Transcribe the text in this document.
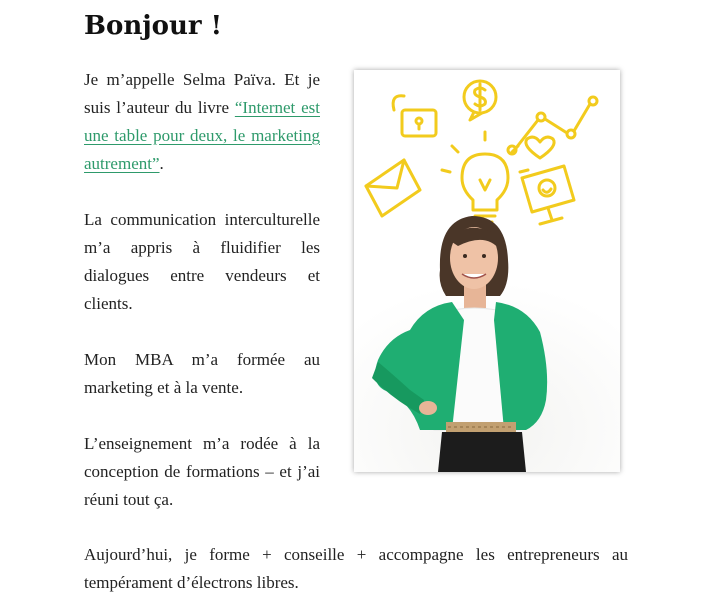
Bonjour !

Je m’appelle Selma Païva. Et je suis l’auteur du livre “Internet est une table pour deux, le marketing autrement”.

La communication interculturelle m’a appris à fluidifier les dialogues entre vendeurs et clients.

Mon MBA m’a formée au marketing et à la vente.

L’enseignement m’a rodée à la conception de formations – et j’ai réuni tout ça.

Aujourd’hui, je forme + conseille + accompagne les entrepreneurs au tempérament d’électrons libres.
